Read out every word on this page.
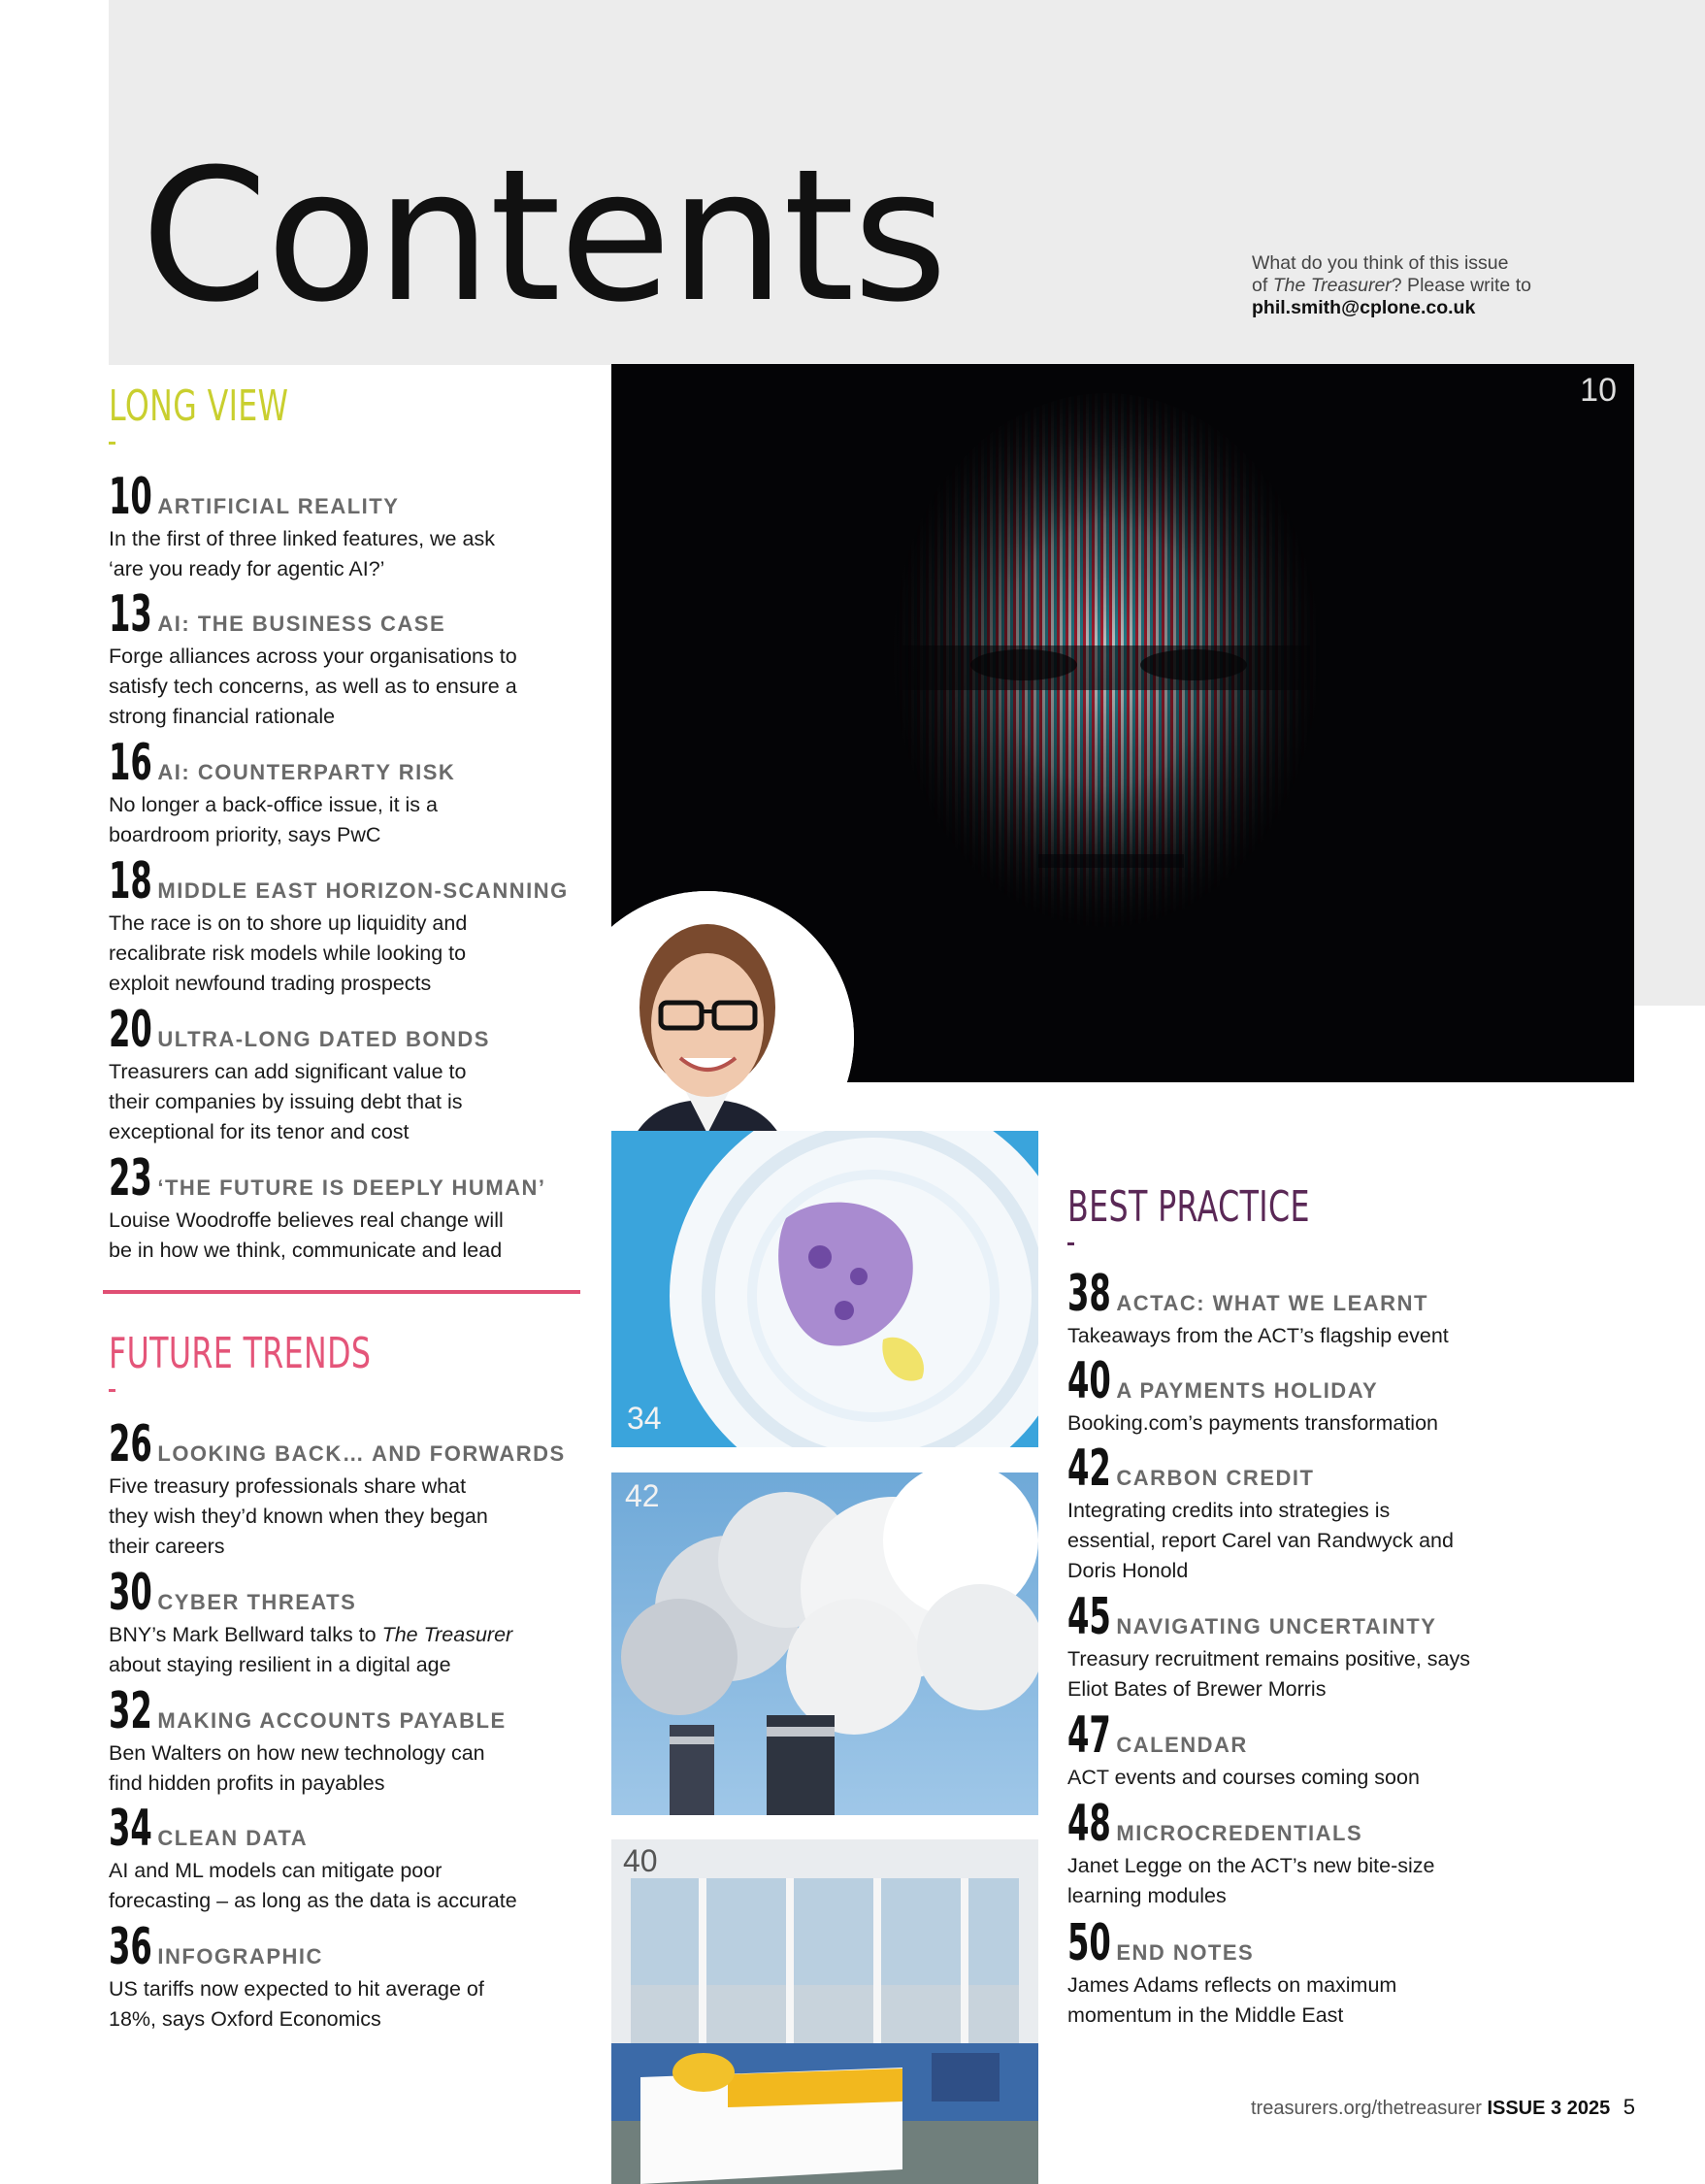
Contents	What do you think of this issue
of The Treasurer? Please write to
phil.smith@cplone.co.uk
10
34
42
40
LONG VIEW
10 ARTIFICIAL REALITY
In the first of three linked features, we ask
‘are you ready for agentic AI?’
13 AI: THE BUSINESS CASE
Forge alliances across your organisations to
satisfy tech concerns, as well as to ensure a
strong financial rationale
16 AI: COUNTERPARTY RISK
No longer a back-office issue, it is a
boardroom priority, says PwC
18 MIDDLE EAST HORIZON-SCANNING
The race is on to shore up liquidity and
recalibrate risk models while looking to
exploit newfound trading prospects
20 ULTRA-LONG DATED BONDS
Treasurers can add significant value to
their companies by issuing debt that is
exceptional for its tenor and cost
23 ‘THE FUTURE IS DEEPLY HUMAN’
Louise Woodroffe believes real change will
be in how we think, communicate and lead
FUTURE TRENDS
26 LOOKING BACK… AND FORWARDS
Five treasury professionals share what
they wish they’d known when they began
their careers
30 CYBER THREATS
BNY’s Mark Bellward talks to The Treasurer
about staying resilient in a digital age
32 MAKING ACCOUNTS PAYABLE
Ben Walters on how new technology can
find hidden profits in payables
34 CLEAN DATA
AI and ML models can mitigate poor
forecasting – as long as the data is accurate
36 INFOGRAPHIC
US tariffs now expected to hit average of
18%, says Oxford Economics
BEST PRACTICE
38 ACTAC: WHAT WE LEARNT
Takeaways from the ACT’s flagship event
40 A PAYMENTS HOLIDAY
Booking.com’s payments transformation
42 CARBON CREDIT
Integrating credits into strategies is
essential, report Carel van Randwyck and
Doris Honold
45 NAVIGATING UNCERTAINTY
Treasury recruitment remains positive, says
Eliot Bates of Brewer Morris
47 CALENDAR
ACT events and courses coming soon
48 MICROCREDENTIALS
Janet Legge on the ACT’s new bite-size
learning modules
50 END NOTES
James Adams reflects on maximum
momentum in the Middle East
treasurers.org/thetreasurer ISSUE 3 2025 5
